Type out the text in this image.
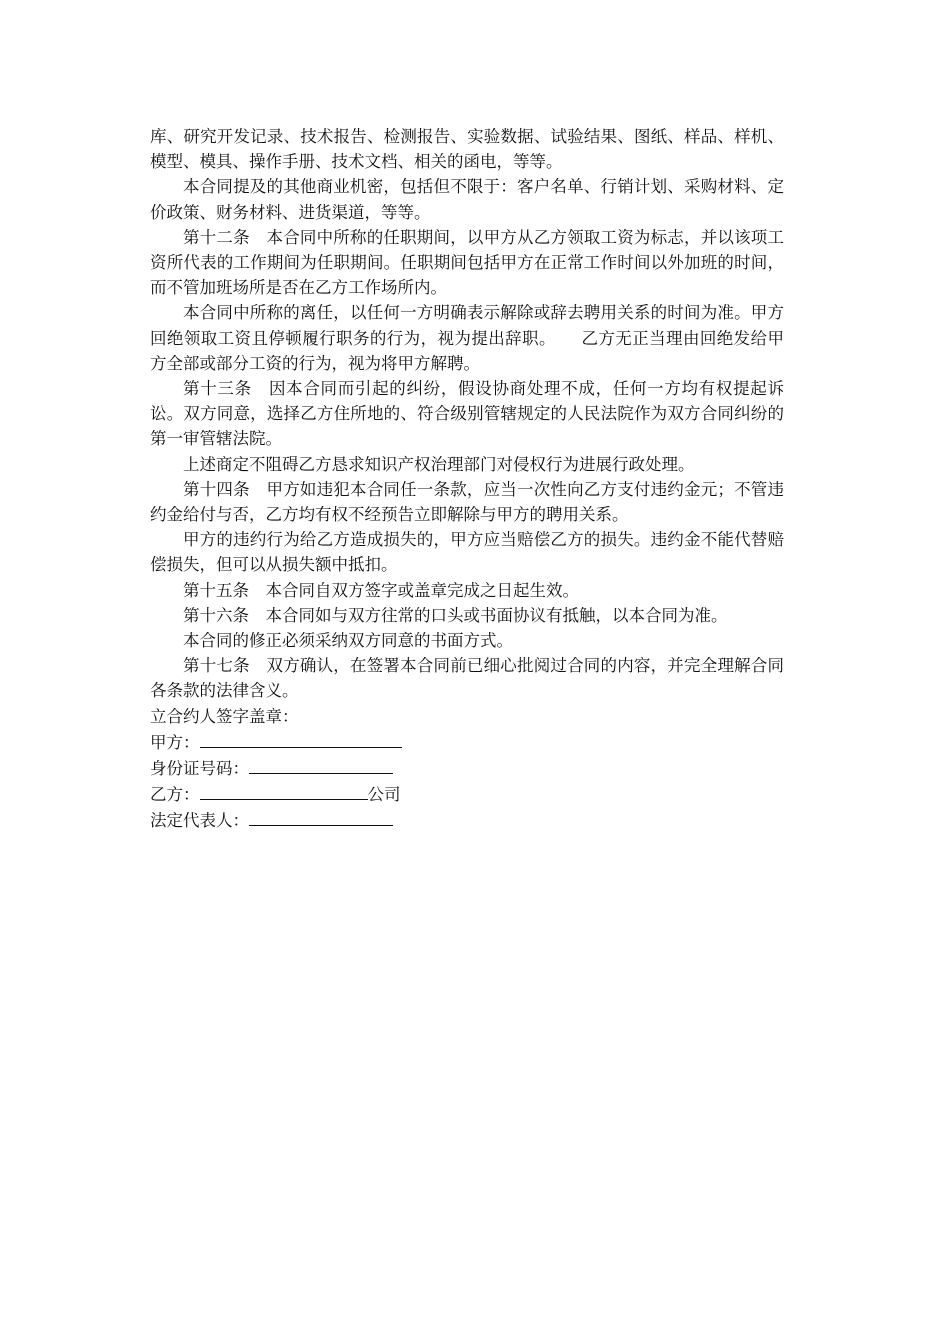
库、研究开发记录、技术报告、检测报告、实验数据、试验结果、图纸、样品、样机、模型、模具、操作手册、技术文档、相关的函电，等等。

本合同提及的其他商业机密，包括但不限于：客户名单、行销计划、采购材料、定价政策、财务材料、进货渠道，等等。

第十二条　本合同中所称的任职期间，以甲方从乙方领取工资为标志，并以该项工资所代表的工作期间为任职期间。任职期间包括甲方在正常工作时间以外加班的时间，而不管加班场所是否在乙方工作场所内。

本合同中所称的离任，以任何一方明确表示解除或辞去聘用关系的时间为准。甲方回绝领取工资且停顿履行职务的行为，视为提出辞职。　　乙方无正当理由回绝发给甲方全部或部分工资的行为，视为将甲方解聘。

第十三条　因本合同而引起的纠纷，假设协商处理不成，任何一方均有权提起诉讼。双方同意，选择乙方住所地的、符合级别管辖规定的人民法院作为双方合同纠纷的第一审管辖法院。

上述商定不阻碍乙方恳求知识产权治理部门对侵权行为进展行政处理。

第十四条　甲方如违犯本合同任一条款，应当一次性向乙方支付违约金元；不管违约金给付与否，乙方均有权不经预告立即解除与甲方的聘用关系。

甲方的违约行为给乙方造成损失的，甲方应当赔偿乙方的损失。违约金不能代替赔偿损失，但可以从损失额中抵扣。

第十五条　本合同自双方签字或盖章完成之日起生效。

第十六条　本合同如与双方往常的口头或书面协议有抵触，以本合同为准。

本合同的修正必须采纳双方同意的书面方式。

第十七条　双方确认，在签署本合同前已细心批阅过合同的内容，并完全理解合同各条款的法律含义。

立合约人签字盖章：

甲方：

身份证号码：

乙方：	公司

法定代表人：
